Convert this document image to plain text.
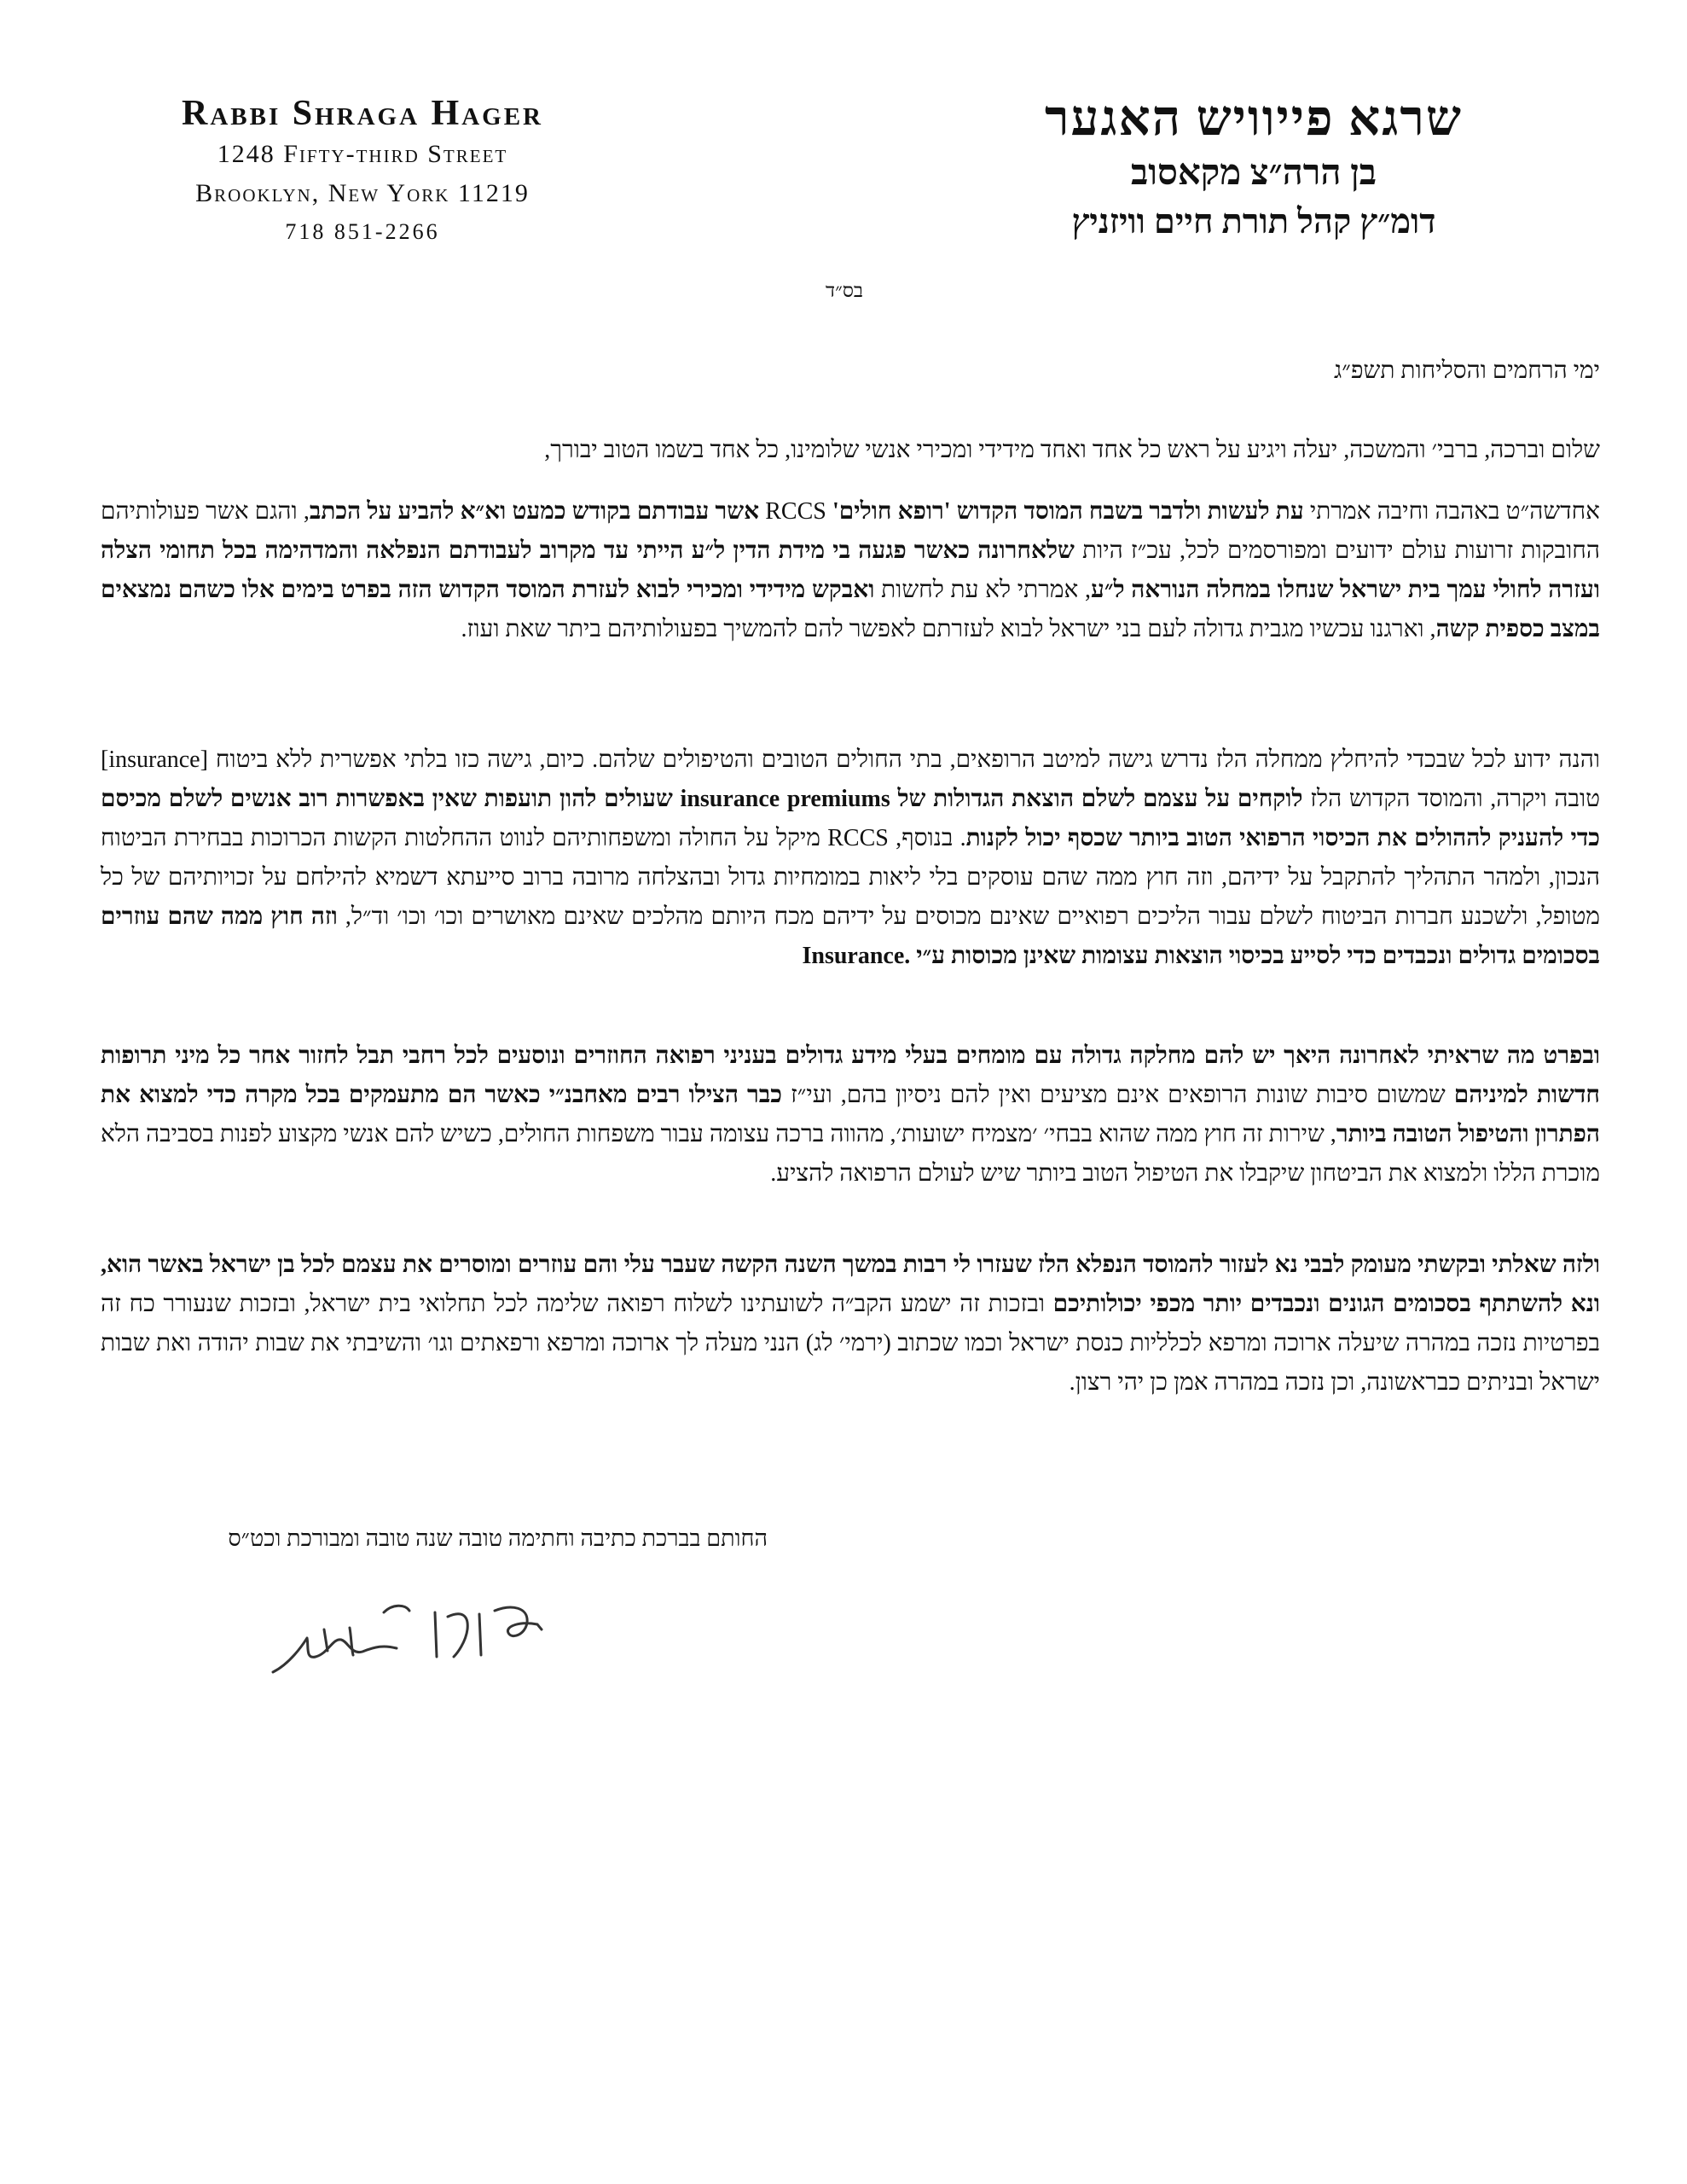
Rabbi Shraga Hager
1248 Fifty-third Street
Brooklyn, New York 11219
718 851-2266
שרגא פייוויש האגער
בן הרה״צ מקאסוב
דומ״ץ קהל תורת חיים וויזניץ
בס״ד
ימי הרחמים והסליחות תשפ״ג
שלום וברכה, ברבי׳ והמשכה, יעלה ויגיע על ראש כל אחד ואחד מידידי ומכירי אנשי שלומינו, כל אחד בשמו הטוב יבורך,
אחדשה״ט באהבה וחיבה אמרתי עת לעשות ולדבר בשבח המוסד הקדוש 'רופא חולים' RCCS אשר עבודתם בקודש כמעט וא״א להביע על הכתב, והגם אשר פעולותיהם החובקות זרועות עולם ידועים ומפורסמים לכל, עכ״ז היות שלאחרונה כאשר פגעה בי מידת הדין ל״ע הייתי עד מקרוב לעבודתם הנפלאה והמדהימה בכל תחומי הצלה ועזרה לחולי עמך בית ישראל שנחלו במחלה הנוראה ל״ע, אמרתי לא עת לחשות ואבקש מידידי ומכירי לבוא לעזרת המוסד הקדוש הזה בפרט בימים אלו כשהם נמצאים במצב כספית קשה, וארגנו עכשיו מגבית גדולה לעם בני ישראל לבוא לעזרתם לאפשר להם להמשיך בפעולותיהם ביתר שאת ועוז.
והנה ידוע לכל שבכדי להיחלץ ממחלה הלז נדרש גישה למיטב הרופאים, בתי החולים הטובים והטיפולים שלהם. כיום, גישה כזו בלתי אפשרית ללא ביטוח [insurance] טובה ויקרה, והמוסד הקדוש הלז לוקחים על עצמם לשלם הוצאת הגדולות של insurance premiums שעולים להון תועפות שאין באפשרות רוב אנשים לשלם מכיסם כדי להעניק לההולים את הכיסוי הרפואי הטוב ביותר שכסף יכול לקנות. בנוסף, RCCS מיקל על החולה ומשפחותיהם לנווט ההחלטות הקשות הכרוכות בבחירת הביטוח הנכון, ולמהר התהליך להתקבל על ידיהם, וזה חוץ ממה שהם עוסקים בלי ליאות במומחיות גדול ובהצלחה מרובה ברוב סייעתא דשמיא להילחם על זכויותיהם של כל מטופל, ולשכנע חברות הביטוח לשלם עבור הליכים רפואיים שאינם מכוסים על ידיהם מכח היותם מהלכים שאינם מאושרים וכו׳ וכו׳ וד״ל, וזה חוץ ממה שהם עוזרים בסכומים גדולים ונכבדים כדי לסייע בכיסוי הוצאות עצומות שאינן מכוסות ע״י Insurance.
ובפרט מה שראיתי לאחרונה היאך יש להם מחלקה גדולה עם מומחים בעלי מידע גדולים בעניני רפואה החוזרים ונוסעים לכל רחבי תבל לחזור אחר כל מיני תרופות חדשות למיניהם שמשום סיבות שונות הרופאים אינם מציעים ואין להם ניסיון בהם, ועי״ז כבר הצילו רבים מאחבנ״י כאשר הם מתעמקים בכל מקרה כדי למצוא את הפתרון והטיפול הטובה ביותר, שירות זה חוץ ממה שהוא בבחי׳ ׳מצמיח ישועות׳, מהווה ברכה עצומה עבור משפחות החולים, כשיש להם אנשי מקצוע לפנות בסביבה הלא מוכרת הללו ולמצוא את הביטחון שיקבלו את הטיפול הטוב ביותר שיש לעולם הרפואה להציע.
ולזה שאלתי ובקשתי מעומק לבבי נא לעזור להמוסד הנפלא הלז שעזרו לי רבות במשך השנה הקשה שעבר עלי והם עוזרים ומוסרים את עצמם לכל בן ישראל באשר הוא, ונא להשתתף בסכומים הגונים ונכבדים יותר מכפי יכולותיכם ובזכות זה ישמע הקב״ה לשועתינו לשלוח רפואה שלימה לכל תחלואי בית ישראל, ובזכות שנעורר כח זה בפרטיות נזכה במהרה שיעלה ארוכה ומרפא לכלליות כנסת ישראל וכמו שכתוב (ירמי׳ לג) הנני מעלה לך ארוכה ומרפא ורפאתים וגו׳ והשיבתי את שבות יהודה ואת שבות ישראל ובניתים כבראשונה, וכן נזכה במהרה אמן כן יהי רצון.
החותם בברכת כתיבה וחתימה טובה שנה טובה ומבורכת וכט״ס
